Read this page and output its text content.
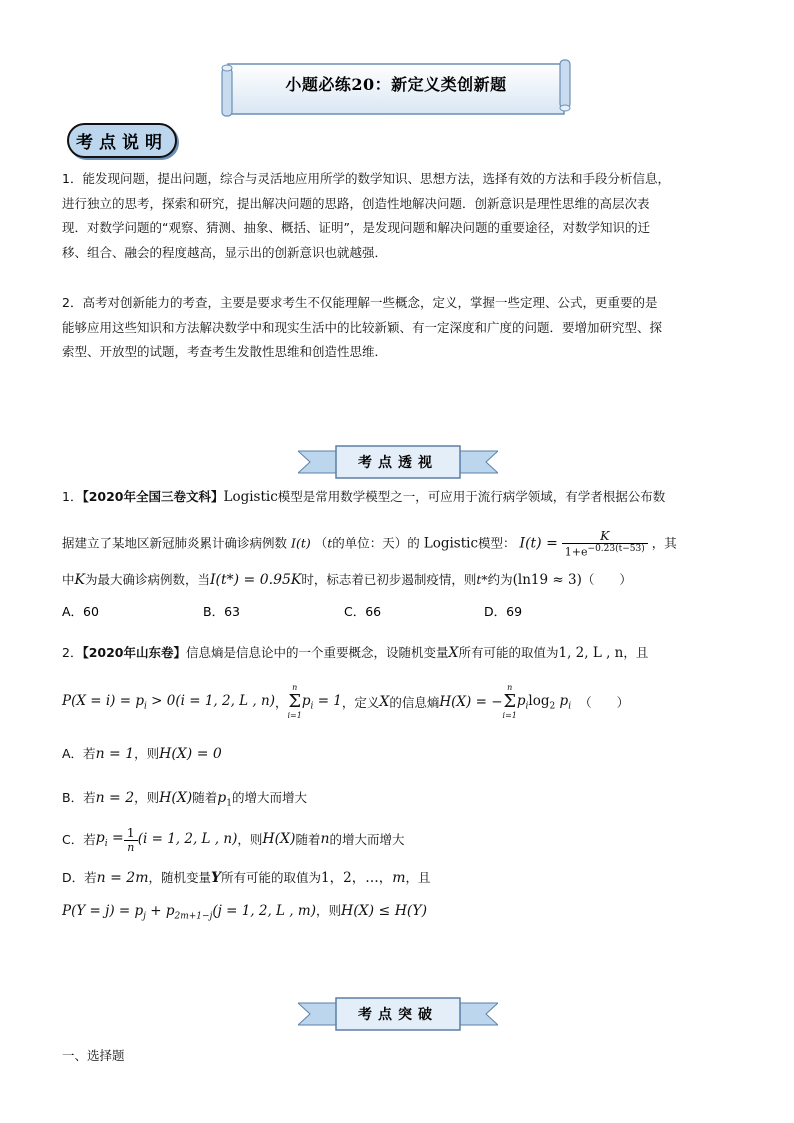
小题必练20：新定义类创新题
考点说明
1．能发现问题，提出问题，综合与灵活地应用所学的数学知识、思想方法，选择有效的方法和手段分析信息，
进行独立的思考，探索和研究，提出解决问题的思路，创造性地解决问题．创新意识是理性思维的高层次表
现．对数学问题的“观察、猜测、抽象、概括、证明”，是发现问题和解决问题的重要途径，对数学知识的迁
移、组合、融会的程度越高，显示出的创新意识也就越强．
2．高考对创新能力的考查，主要是要求考生不仅能理解一些概念，定义，掌握一些定理、公式，更重要的是
能够应用这些知识和方法解决数学中和现实生活中的比较新颖、有一定深度和广度的问题．要增加研究型、探
索型、开放型的试题，考查考生发散性思维和创造性思维．
考点透视
1．【2020年全国三卷文科】Logistic模型是常用数学模型之一，可应用于流行病学领域，有学者根据公布数
据建立了某地区新冠肺炎累计确诊病例数 I(t) （t的单位：天）的 Logistic模型： $I(t) = \frac{K}{1+e^{-0.23(t-53)}}$ ，其
中K为最大确诊病例数，当I(t*) = 0.95K时，标志着已初步遏制疫情，则t*约为(ln19 ≈ 3)（　　）
A．60	B．63	C．66	D．69
2．【2020年山东卷】信息熵是信息论中的一个重要概念，设随机变量X所有可能的取值为1, 2, L , n，且
$P(X = i) = p_i > 0(i = 1$, 2, L , n) ，
n
Σ
i=1
$p_i = 1$ ，定义 X 的信息熵 H(X) = −
n
Σ
i=1
$p_i\log_2$ $p_i$ （　　）
A．若n = 1，则H(X) = 0
B．若n = 2，则H(X)随着$p_1$的增大而增大
C．若 $p_i = \frac{1}{n} (i = 1$, 2, L , n) ，则 H(X) 随着 n 的增大而增大
D．若n = 2m，随机变量Y所有可能的取值为1，2，…，m，且
$P(Y = j) = p_j + p_{2m+1-j}(j = 1$, 2, L , m)，则H(X) ≤ H(Y)
考点突破
一、选择题
